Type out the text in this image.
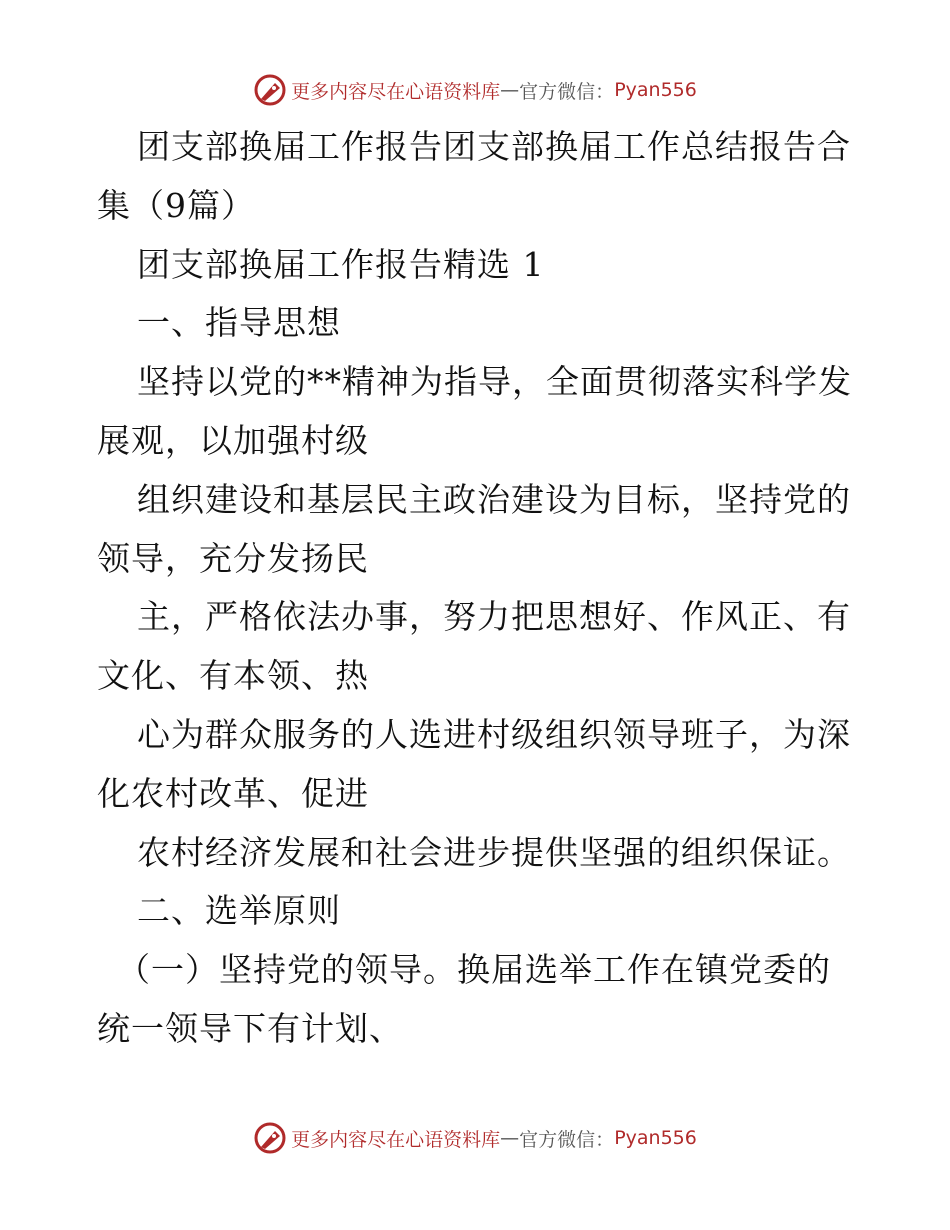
更多内容尽在心语资料库 — 官方微信： Pyan556

团支部换届工作报告团支部换届工作总结报告合

集（9篇）

团支部换届工作报告精选 1

一、指导思想

坚持以党的**精神为指导，全面贯彻落实科学发

展观，以加强村级

组织建设和基层民主政治建设为目标，坚持党的

领导，充分发扬民

主，严格依法办事，努力把思想好、作风正、有

文化、有本领、热

心为群众服务的人选进村级组织领导班子，为深

化农村改革、促进

农村经济发展和社会进步提供坚强的组织保证。

二、选举原则

（一）坚持党的领导。换届选举工作在镇党委的

统一领导下有计划、

更多内容尽在心语资料库 — 官方微信： Pyan556
